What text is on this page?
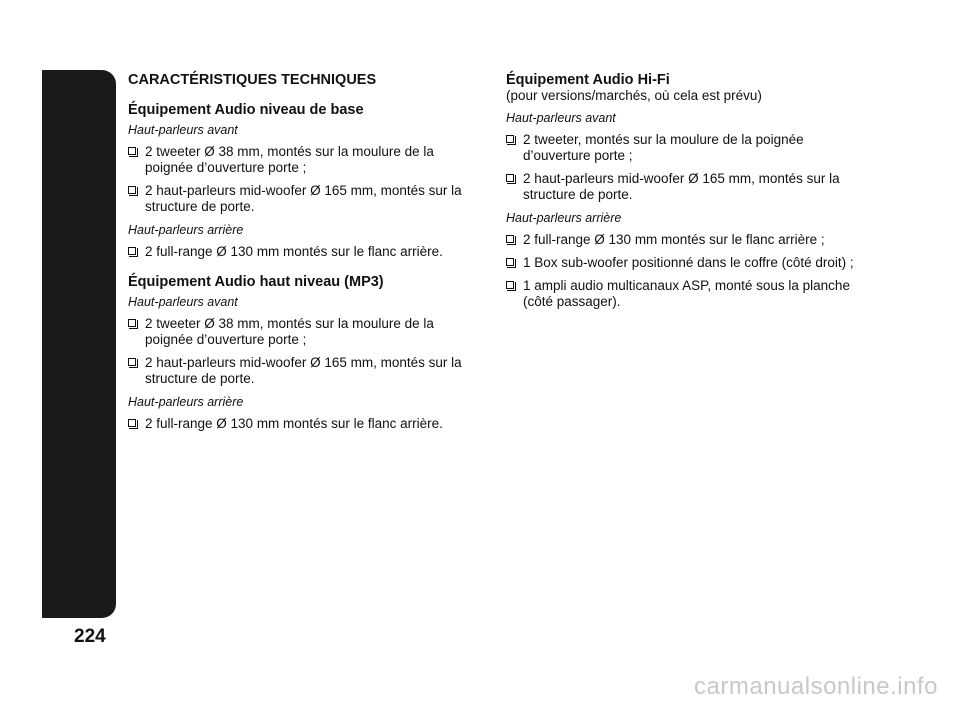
AUTORADIO
224
CARACTÉRISTIQUES TECHNIQUES
Équipement Audio niveau de base
Haut-parleurs avant
2 tweeter Ø 38 mm, montés sur la moulure de la poignée d’ouverture porte ;
2 haut-parleurs mid-woofer Ø 165 mm, montés sur la structure de porte.
Haut-parleurs arrière
2 full-range Ø 130 mm montés sur le flanc arrière.
Équipement Audio haut niveau (MP3)
Haut-parleurs avant
2 tweeter Ø 38 mm, montés sur la moulure de la poignée d’ouverture porte ;
2 haut-parleurs mid-woofer Ø 165 mm, montés sur la structure de porte.
Haut-parleurs arrière
2 full-range Ø 130 mm montés sur le flanc arrière.
Équipement Audio Hi-Fi
(pour versions/marchés, où cela est prévu)
Haut-parleurs avant
2 tweeter, montés sur la moulure de la poignée d’ouverture porte ;
2 haut-parleurs mid-woofer Ø 165 mm, montés sur la structure de porte.
Haut-parleurs arrière
2 full-range Ø 130 mm montés sur le flanc arrière ;
1 Box sub-woofer positionné dans le coffre (côté droit) ;
1 ampli audio multicanaux ASP, monté sous la planche (côté passager).
carmanualsonline.info
